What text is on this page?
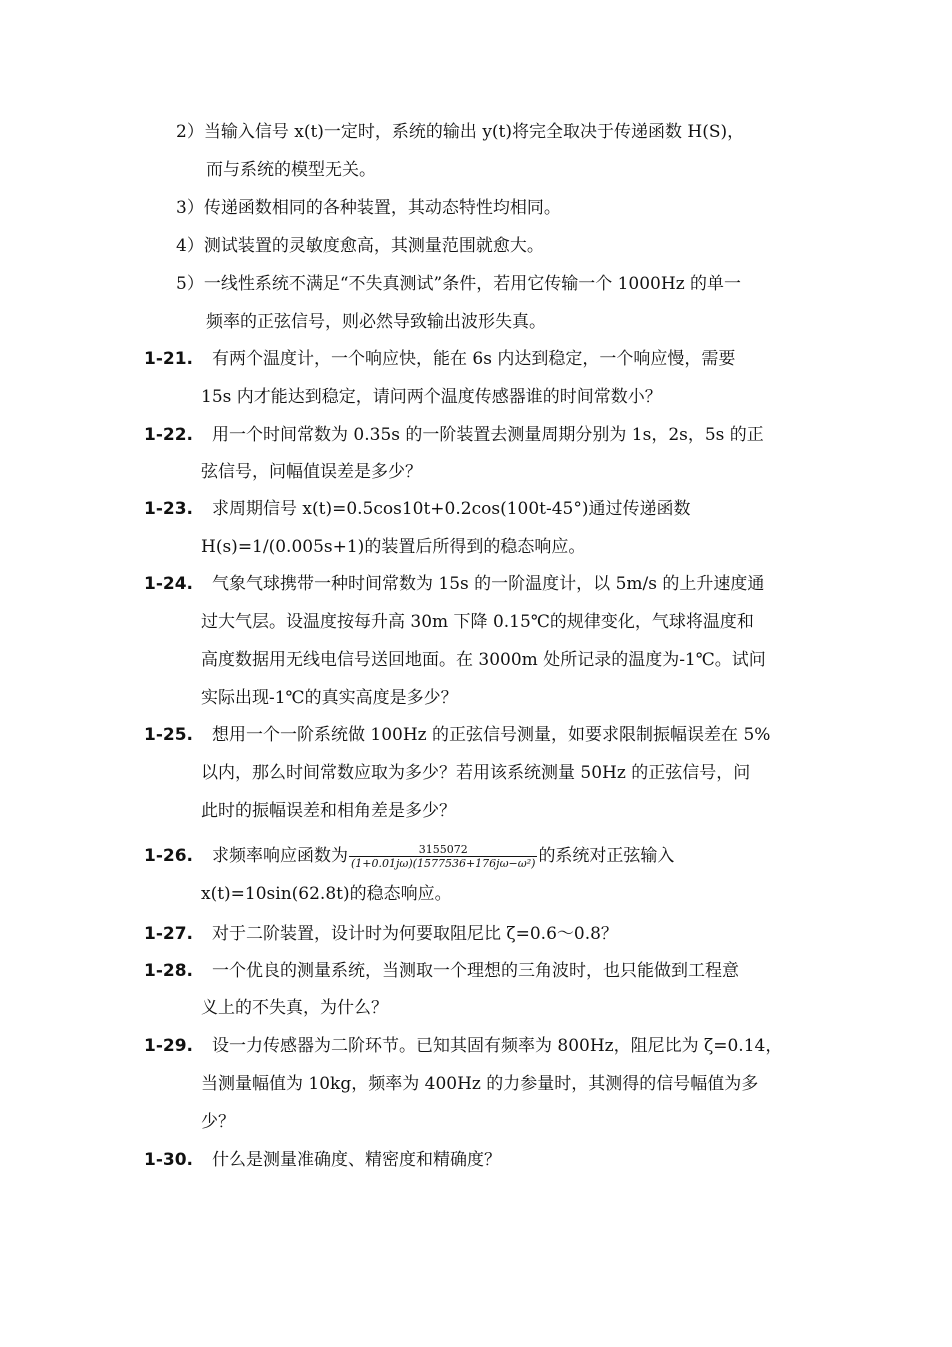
2）当输入信号 x(t)一定时，系统的输出 y(t)将完全取决于传递函数 H(S)，
而与系统的模型无关。
3）传递函数相同的各种装置，其动态特性均相同。
4）测试装置的灵敏度愈高，其测量范围就愈大。
5）一线性系统不满足“不失真测试”条件，若用它传输一个 1000Hz 的单一
频率的正弦信号，则必然导致输出波形失真。
1-21. 有两个温度计，一个响应快，能在 6s 内达到稳定，一个响应慢，需要
15s 内才能达到稳定，请问两个温度传感器谁的时间常数小？
1-22. 用一个时间常数为 0.35s 的一阶装置去测量周期分别为 1s，2s，5s 的正
弦信号，问幅值误差是多少？
1-23. 求周期信号 x(t)=0.5cos10t+0.2cos(100t-45°)通过传递函数
H(s)=1/(0.005s+1)的装置后所得到的稳态响应。
1-24. 气象气球携带一种时间常数为 15s 的一阶温度计，以 5m/s 的上升速度通
过大气层。设温度按每升高 30m 下降 0.15℃的规律变化，气球将温度和
高度数据用无线电信号送回地面。在 3000m 处所记录的温度为-1℃。试问
实际出现-1℃的真实高度是多少？
1-25. 想用一个一阶系统做 100Hz 的正弦信号测量，如要求限制振幅误差在 5%
以内，那么时间常数应取为多少？若用该系统测量 50Hz 的正弦信号，问
此时的振幅误差和相角差是多少？
1-26. 求频率响应函数为 $\frac{3155072}{\text{(1+0.01jω)(1577536+176jω−ω²)}}$ 的系统对正弦输入
x(t)=10sin(62.8t)的稳态响应。
1-27. 对于二阶装置，设计时为何要取阻尼比 ζ=0.6～0.8？
1-28. 一个优良的测量系统，当测取一个理想的三角波时，也只能做到工程意
义上的不失真，为什么？
1-29. 设一力传感器为二阶环节。已知其固有频率为 800Hz，阻尼比为 ζ=0.14，
当测量幅值为 10kg，频率为 400Hz 的力参量时，其测得的信号幅值为多
少？
1-30. 什么是测量准确度、精密度和精确度？
